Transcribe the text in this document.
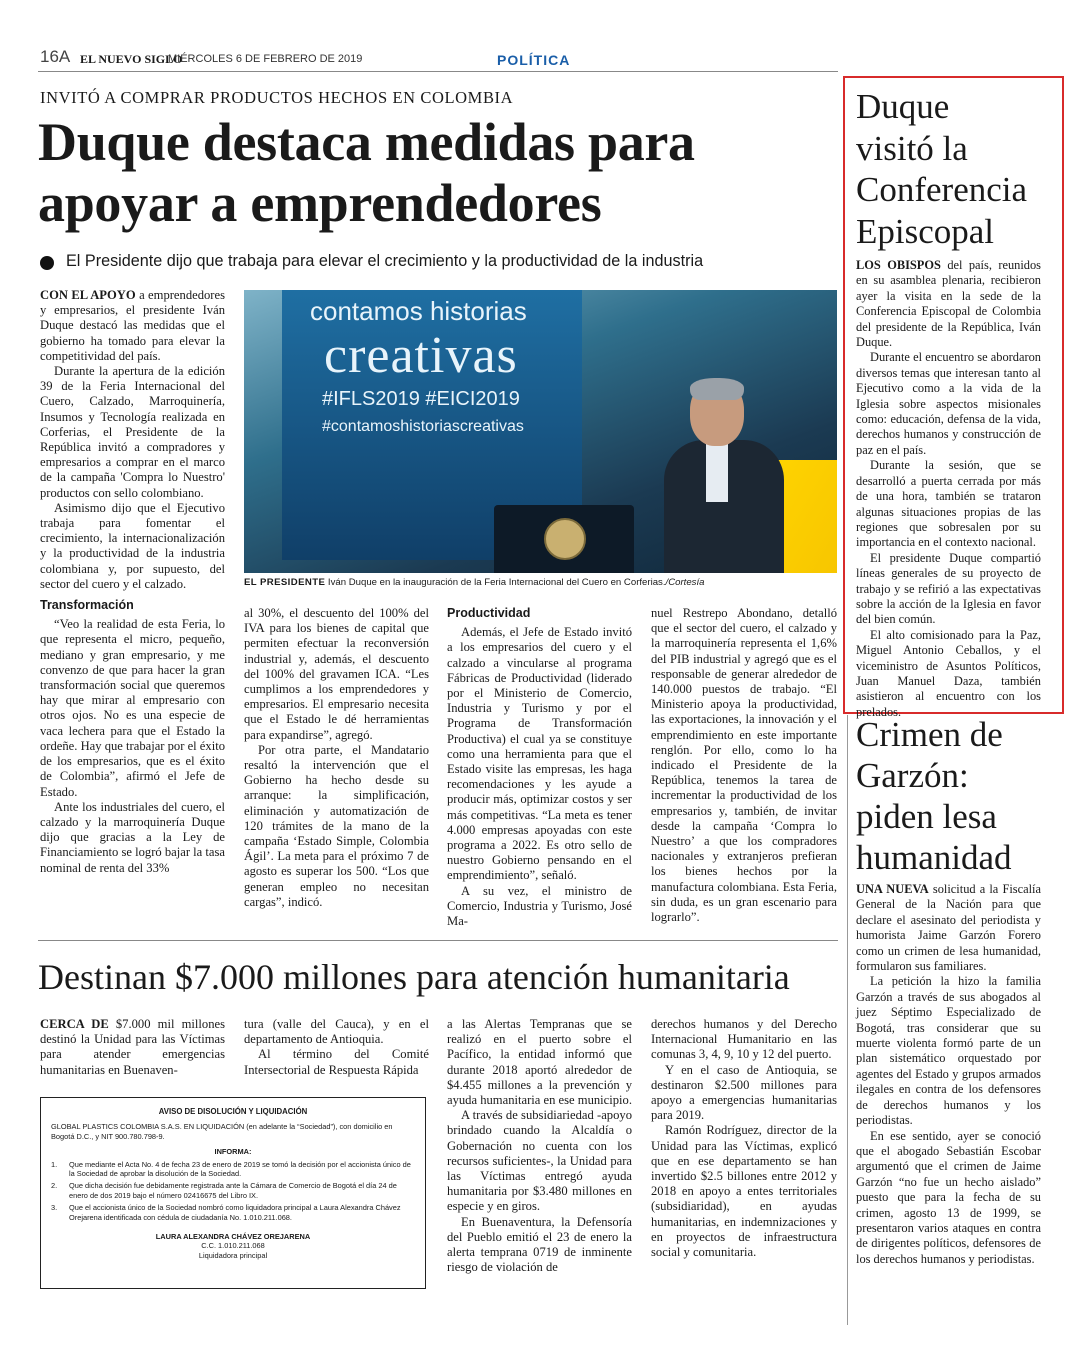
16A EL NUEVO SIGLO
MIÉRCOLES 6 DE FEBRERO DE 2019	POLÍTICA
INVITÓ A COMPRAR PRODUCTOS HECHOS EN COLOMBIA
Duque destaca medidas para
apoyar a emprendedores
El Presidente dijo que trabaja para elevar el crecimiento y la productividad de la industria

CON EL APOYO a emprendedores y empresarios, el presidente Iván Duque destacó las medidas que el gobierno ha tomado para elevar la competitividad del país.

Durante la apertura de la edición 39 de la Feria Internacional del Cuero, Calzado, Marroquinería, Insumos y Tecnología realizada en Corferias, el Presidente de la República invitó a compradores y empresarios a comprar en el marco de la campaña 'Compra lo Nuestro' productos con sello colombiano.

Asimismo dijo que el Ejecutivo trabaja para fomentar el crecimiento, la internacionalización y la productividad de la industria colombiana y, por supuesto, del sector del cuero y el calzado.

Transformación

“Veo la realidad de esta Feria, lo que representa el micro, pequeño, mediano y gran empresario, y me convenzo de que para hacer la gran transformación social que queremos hay que mirar al empresario con otros ojos. No es una especie de vaca lechera para que el Estado la ordeñe. Hay que trabajar por el éxito de los empresarios, que es el éxito de Colombia”, afirmó el Jefe de Estado.

Ante los industriales del cuero, el calzado y la marroquinería Duque dijo que gracias a la Ley de Financiamiento se logró bajar la tasa nominal de renta del 33%

contamos historias
creativas
#IFLS2019 #EICI2019
#contamoshistoriascreativas
EL PRESIDENTE Iván Duque en la inauguración de la Feria Internacional del Cuero en Corferias./Cortesía

al 30%, el descuento del 100% del IVA para los bienes de capital que permiten efectuar la reconversión industrial y, además, el descuento del 100% del gravamen ICA. “Les cumplimos a los emprendedores y empresarios. El empresario necesita que el Estado le dé herramientas para expandirse”, agregó.

Por otra parte, el Mandatario resaltó la intervención que el Gobierno ha hecho desde su arranque: la simplificación, eliminación y automatización de 120 trámites de la mano de la campaña ‘Estado Simple, Colombia Ágil’. La meta para el próximo 7 de agosto es superar los 500. “Los que generan empleo no necesitan cargas”, indicó.

Productividad

Además, el Jefe de Estado invitó a los empresarios del cuero y el calzado a vincularse al programa Fábricas de Productividad (liderado por el Ministerio de Comercio, Industria y Turismo y por el Programa de Transformación Productiva) el cual ya se constituye como una herramienta para que el Estado visite las empresas, les haga recomendaciones y les ayude a producir más, optimizar costos y ser más competitivas. “La meta es tener 4.000 empresas apoyadas con este programa a 2022. Es otro sello de nuestro Gobierno pensando en el emprendimiento”, señaló.

A su vez, el ministro de Comercio, Industria y Turismo, José Ma-

nuel Restrepo Abondano, detalló que el sector del cuero, el calzado y la marroquinería representa el 1,6% del PIB industrial y agregó que es el responsable de generar alrededor de 140.000 puestos de trabajo. “El Ministerio apoya la productividad, las exportaciones, la innovación y el emprendimiento en este importante renglón. Por ello, como lo ha indicado el Presidente de la República, tenemos la tarea de incrementar la productividad de los empresarios y, también, de invitar desde la campaña ‘Compra lo Nuestro’ a que los compradores nacionales y extranjeros prefieran los bienes hechos por la manufactura colombiana. Esta Feria, sin duda, es un gran escenario para lograrlo”.

Duque
visitó la
Conferencia
Episcopal

LOS OBISPOS del país, reunidos en su asamblea plenaria, recibieron ayer la visita en la sede de la Conferencia Episcopal de Colombia del presidente de la República, Iván Duque.

Durante el encuentro se abordaron diversos temas que interesan tanto al Ejecutivo como a la vida de la Iglesia sobre aspectos misionales como: educación, defensa de la vida, derechos humanos y construcción de paz en el país.

Durante la sesión, que se desarrolló a puerta cerrada por más de una hora, también se trataron algunas situaciones propias de las regiones que sobresalen por su importancia en el contexto nacional.

El presidente Duque compartió líneas generales de su proyecto de trabajo y se refirió a las expectativas sobre la acción de la Iglesia en favor del bien común.

El alto comisionado para la Paz, Miguel Antonio Ceballos, y el viceministro de Asuntos Políticos, Juan Manuel Daza, también asistieron al encuentro con los prelados.

Crimen de
Garzón:
piden lesa
humanidad

UNA NUEVA solicitud a la Fiscalía General de la Nación para que declare el asesinato del periodista y humorista Jaime Garzón Forero como un crimen de lesa humanidad, formularon sus familiares.

La petición la hizo la familia Garzón a través de sus abogados al juez Séptimo Especializado de Bogotá, tras considerar que su muerte violenta formó parte de un plan sistemático orquestado por agentes del Estado y grupos armados ilegales en contra de los defensores de derechos humanos y los periodistas.

En ese sentido, ayer se conoció que el abogado Sebastián Escobar argumentó que el crimen de Jaime Garzón “no fue un hecho aislado” puesto que para la fecha de su crimen, agosto 13 de 1999, se presentaron varios ataques en contra de dirigentes políticos, defensores de los derechos humanos y periodistas.

Destinan $7.000 millones para atención humanitaria

CERCA DE $7.000 mil millones destinó la Unidad para las Víctimas para atender emergencias humanitarias en Buenaven-

tura (valle del Cauca), y en el departamento de Antioquia.

Al término del Comité Intersectorial de Respuesta Rápida

a las Alertas Tempranas que se realizó en el puerto sobre el Pacífico, la entidad informó que durante 2018 aportó alrededor de $4.455 millones a la prevención y ayuda humanitaria en ese municipio.

A través de subsidiariedad -apoyo brindado cuando la Alcaldía o Gobernación no cuenta con los recursos suficientes-, la Unidad para las Víctimas entregó ayuda humanitaria por $3.480 millones en especie y en giros.

En Buenaventura, la Defensoría del Pueblo emitió el 23 de enero la alerta temprana 0719 de inminente riesgo de violación de

derechos humanos y del Derecho Internacional Humanitario en las comunas 3, 4, 9, 10 y 12 del puerto.

Y en el caso de Antioquia, se destinaron $2.500 millones para apoyo a emergencias humanitarias para 2019.

Ramón Rodríguez, director de la Unidad para las Víctimas, explicó que en ese departamento se han invertido $2.5 billones entre 2012 y 2018 en apoyo a entes territoriales (subsidiaridad), en ayudas humanitarias, en indemnizaciones y en proyectos de infraestructura social y comunitaria.

AVISO DE DISOLUCIÓN Y LIQUIDACIÓN
GLOBAL PLASTICS COLOMBIA S.A.S. EN LIQUIDACIÓN (en adelante la “Sociedad”), con domicilio en Bogotá D.C., y NIT 900.780.798-9.
INFORMA:
1.	Que mediante el Acta No. 4 de fecha 23 de enero de 2019 se tomó la decisión por el accionista único de la Sociedad de aprobar la disolución de la Sociedad.
2.	Que dicha decisión fue debidamente registrada ante la Cámara de Comercio de Bogotá el día 24 de enero de dos 2019 bajo el número 02416675 del Libro IX.
3.	Que el accionista único de la Sociedad nombró como liquidadora principal a Laura Alexandra Chávez Orejarena identificada con cédula de ciudadanía No. 1.010.211.068.
LAURA ALEXANDRA CHÁVEZ OREJARENA
C.C. 1.010.211.068
Liquidadora principal
